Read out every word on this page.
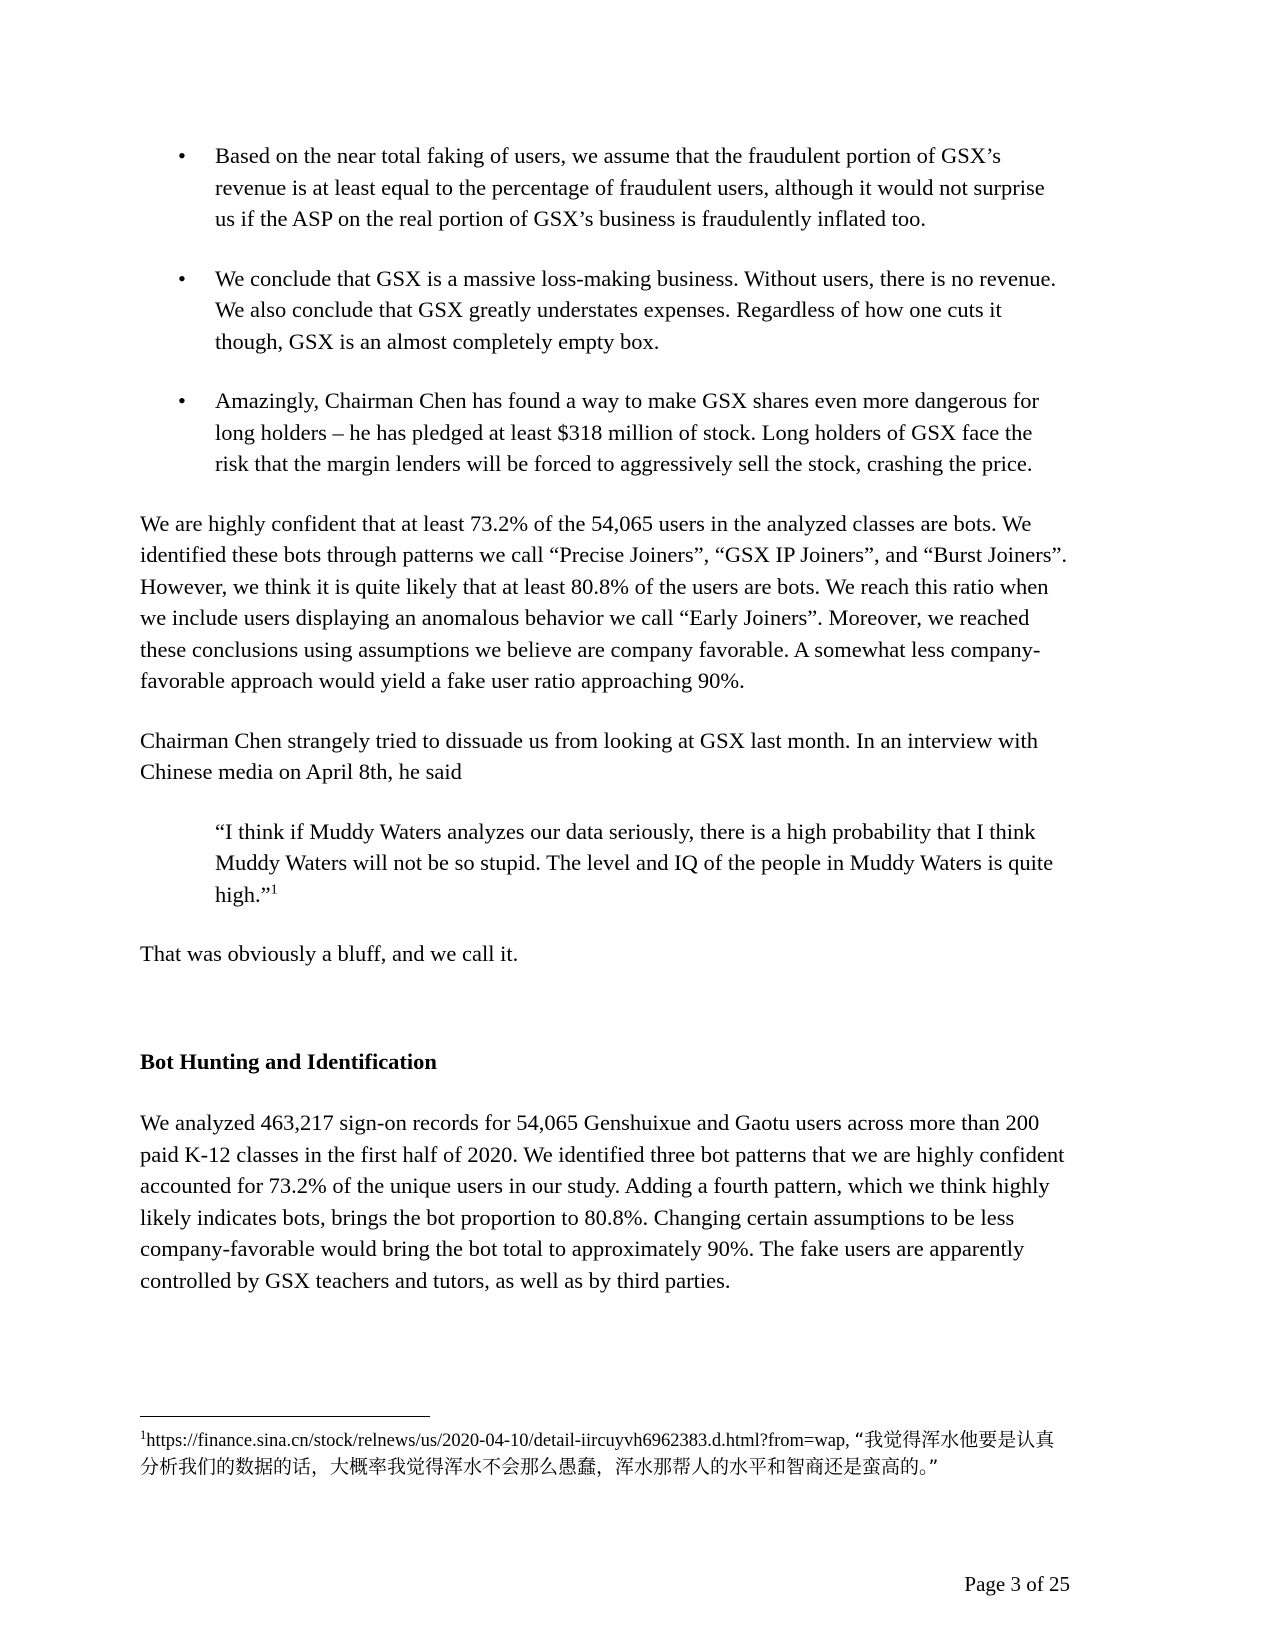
• Based on the near total faking of users, we assume that the fraudulent portion of GSX’s revenue is at least equal to the percentage of fraudulent users, although it would not surprise us if the ASP on the real portion of GSX’s business is fraudulently inflated too.
• We conclude that GSX is a massive loss-making business. Without users, there is no revenue. We also conclude that GSX greatly understates expenses. Regardless of how one cuts it though, GSX is an almost completely empty box.
• Amazingly, Chairman Chen has found a way to make GSX shares even more dangerous for long holders – he has pledged at least $318 million of stock. Long holders of GSX face the risk that the margin lenders will be forced to aggressively sell the stock, crashing the price.

We are highly confident that at least 73.2% of the 54,065 users in the analyzed classes are bots. We identified these bots through patterns we call “Precise Joiners”, “GSX IP Joiners”, and “Burst Joiners”. However, we think it is quite likely that at least 80.8% of the users are bots. We reach this ratio when we include users displaying an anomalous behavior we call “Early Joiners”. Moreover, we reached these conclusions using assumptions we believe are company favorable. A somewhat less company-favorable approach would yield a fake user ratio approaching 90%.

Chairman Chen strangely tried to dissuade us from looking at GSX last month. In an interview with Chinese media on April 8th, he said

“I think if Muddy Waters analyzes our data seriously, there is a high probability that I think Muddy Waters will not be so stupid. The level and IQ of the people in Muddy Waters is quite high.”$^1$

That was obviously a bluff, and we call it.

Bot Hunting and Identification

We analyzed 463,217 sign-on records for 54,065 Genshuixue and Gaotu users across more than 200 paid K-12 classes in the first half of 2020. We identified three bot patterns that we are highly confident accounted for 73.2% of the unique users in our study. Adding a fourth pattern, which we think highly likely indicates bots, brings the bot proportion to 80.8%. Changing certain assumptions to be less company-favorable would bring the bot total to approximately 90%. The fake users are apparently controlled by GSX teachers and tutors, as well as by third parties.

$^1$https://finance.sina.cn/stock/relnews/us/2020-04-10/detail-iircuyvh6962383.d.html?from=wap, “我觉得浑水他要是认真分析我们的数据的话，大概率我觉得浑水不会那么愚蠢，浑水那帮人的水平和智商还是蛮高的。”

Page 3 of 25
